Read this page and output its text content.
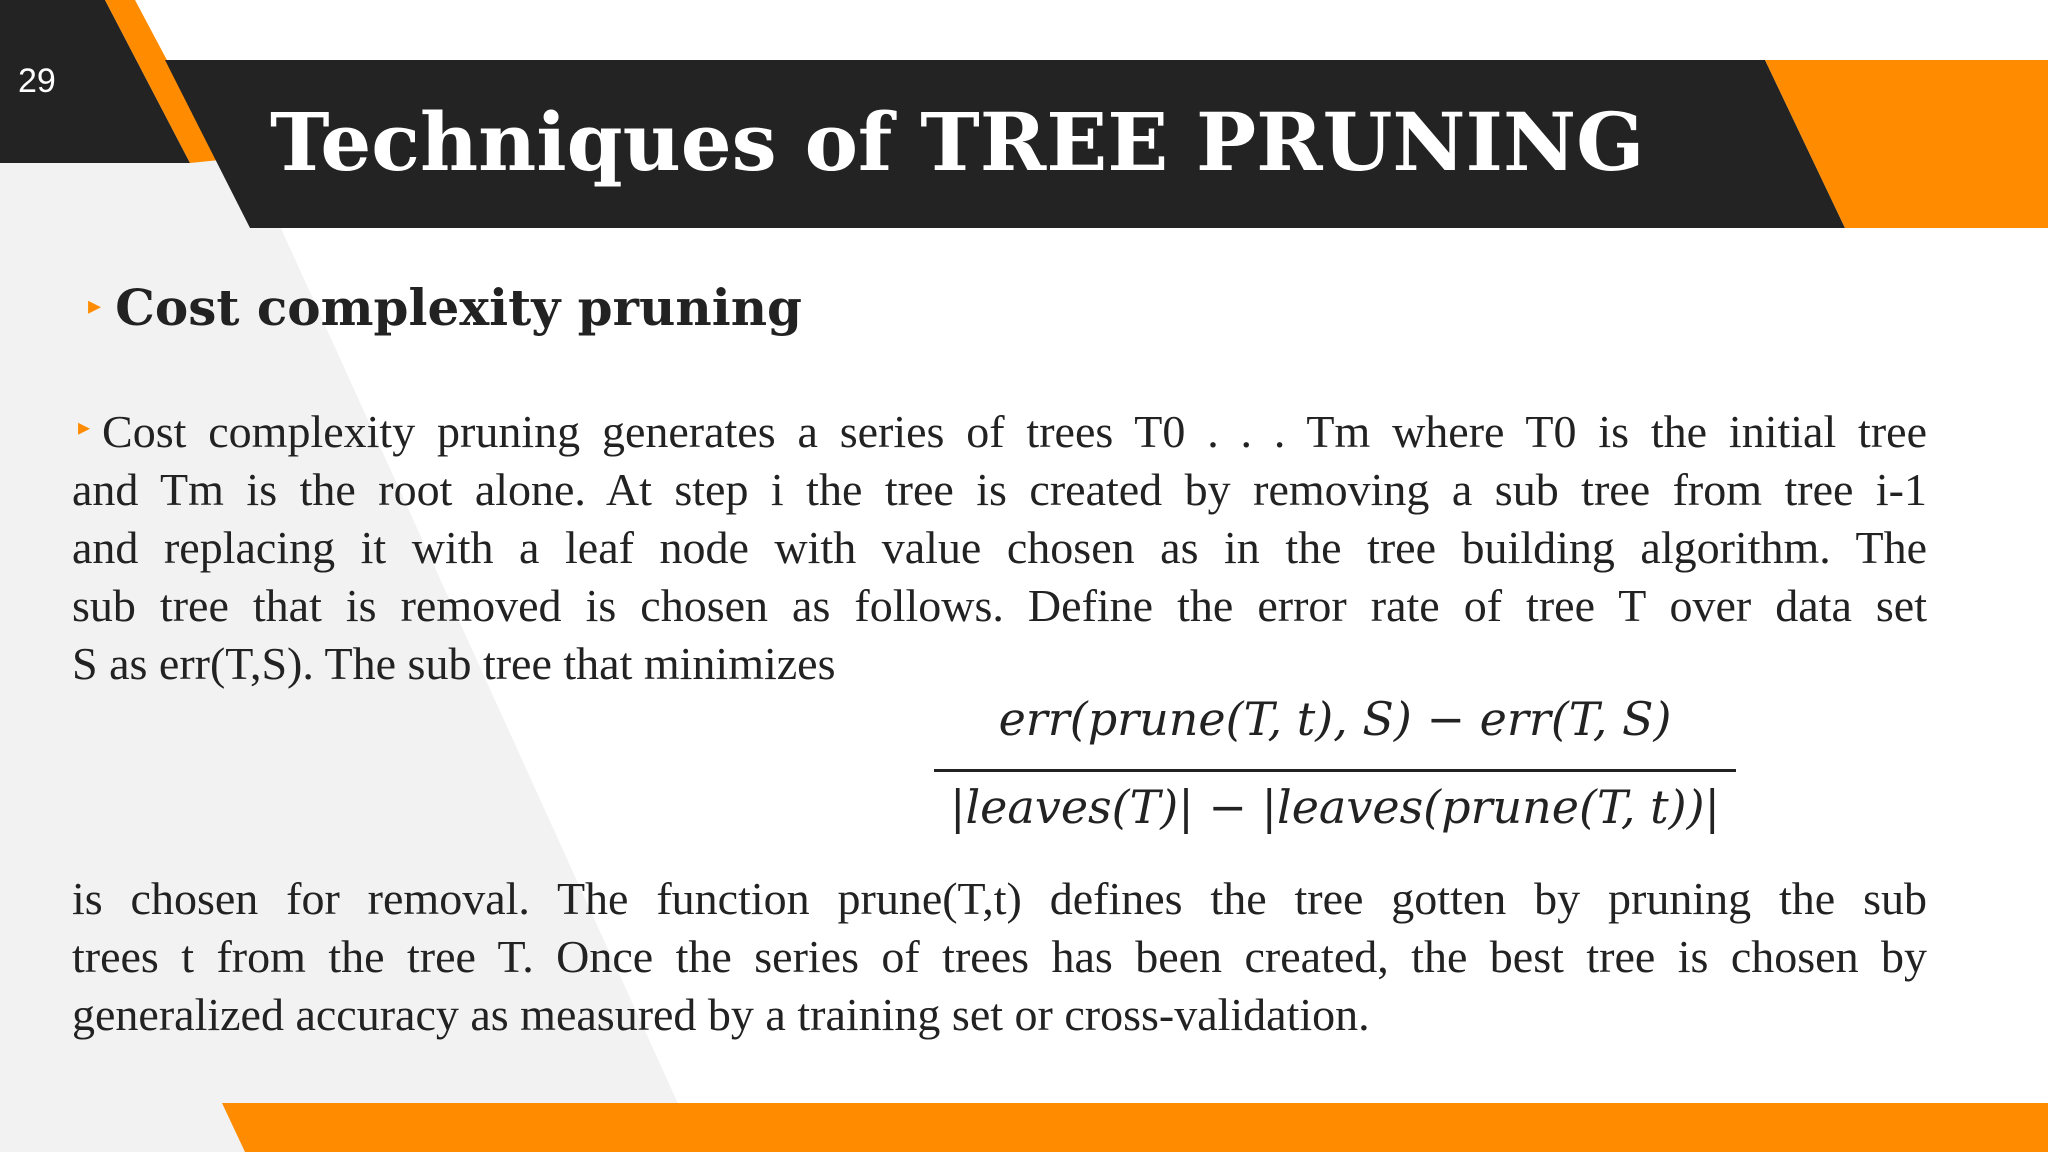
29
Techniques of TREE PRUNING
▸ Cost complexity pruning
▸ Cost complexity pruning generates a series of trees T0 . . . Tm where T0 is the initial tree
and Tm is the root alone. At step i the tree is created by removing a sub tree from tree i-1
and replacing it with a leaf node with value chosen as in the tree building algorithm. The
sub tree that is removed is chosen as follows. Define the error rate of tree T over data set
S as err(T,S). The sub tree that minimizes
err(prune(T, t), S) − err(T, S)
|leaves(T)| − |leaves(prune(T, t))|
is chosen for removal. The function prune(T,t) defines the tree gotten by pruning the sub
trees t from the tree T. Once the series of trees has been created, the best tree is chosen by
generalized accuracy as measured by a training set or cross-validation.
